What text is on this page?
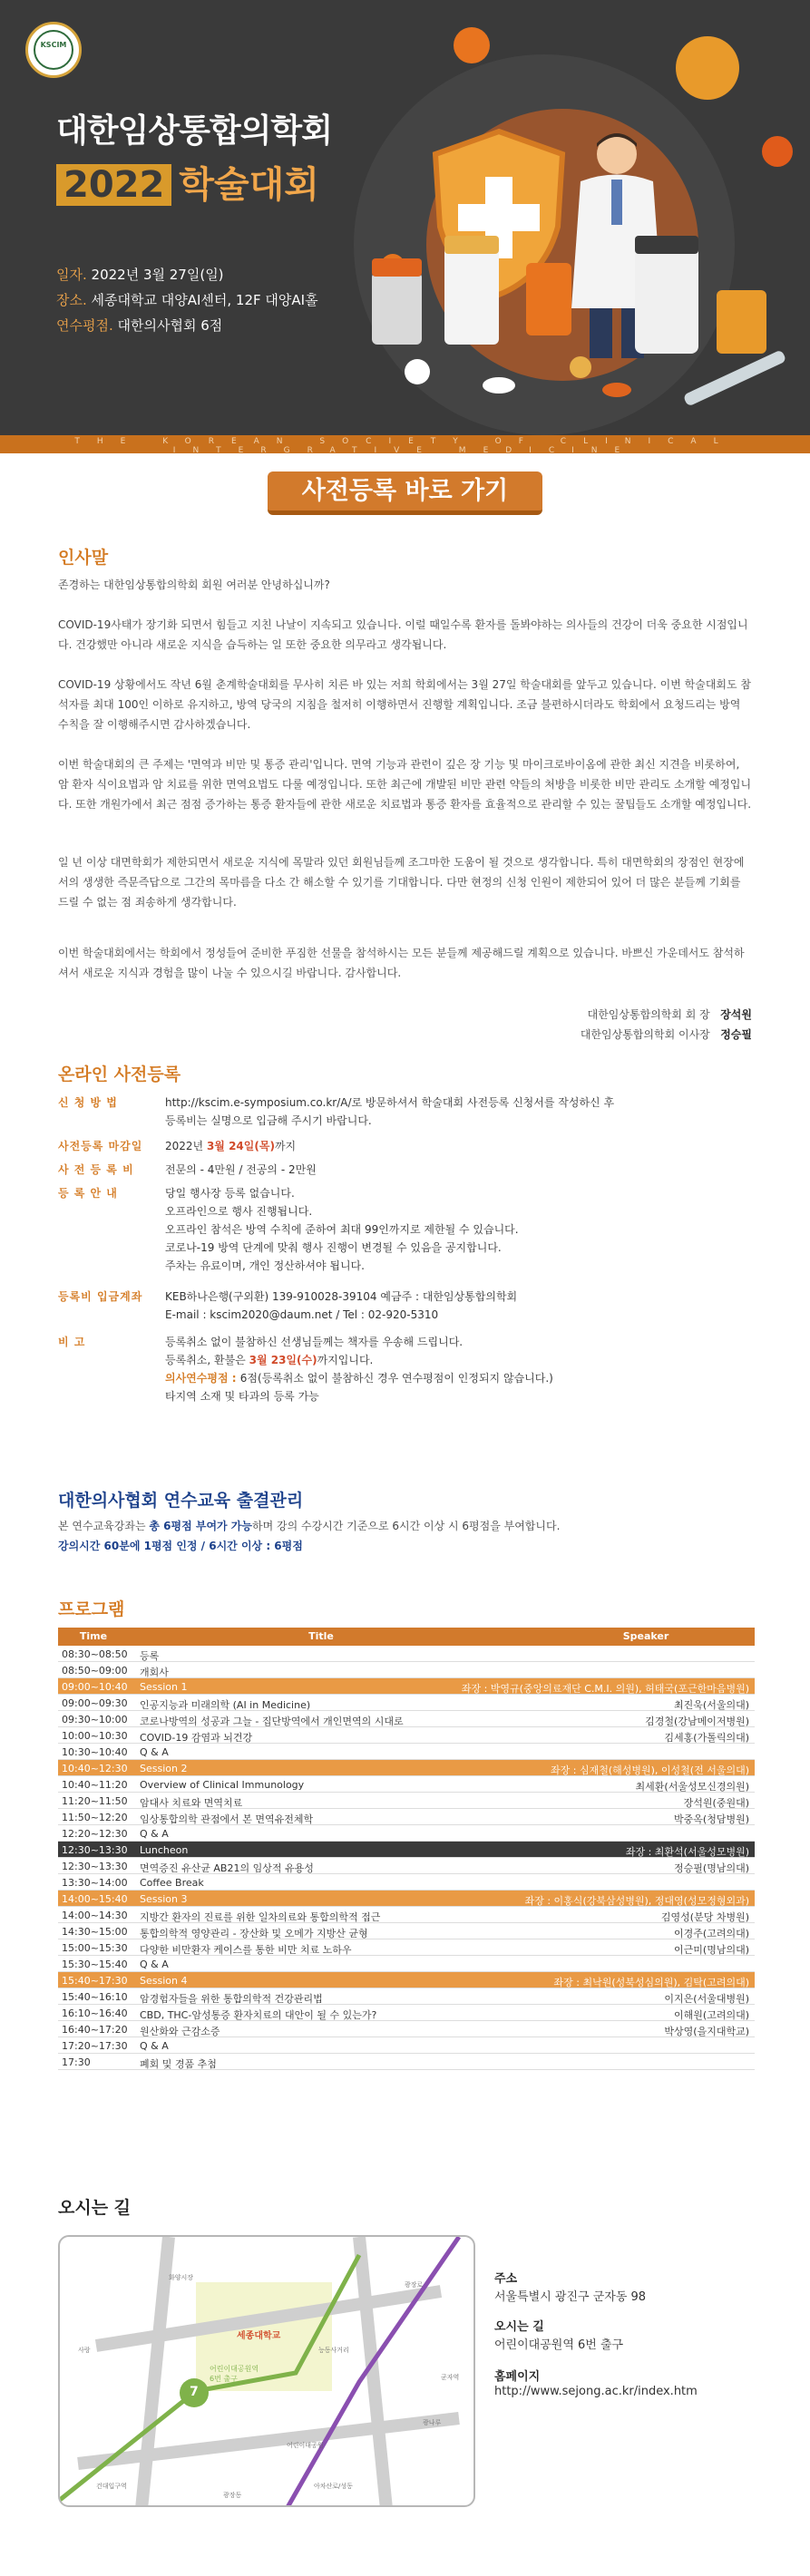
KSCIM
대한임상통합의학회
2022 학술대회
일자. 2022년 3월 27일(일)
장소. 세종대학교 대양AI센터, 12F 대양AI홀
연수평점. 대한의사협회 6점
THE KOREAN SOCIETY OF CLINICAL INTERGRATIVE MEDICINE
사전등록 바로 가기
인사말
존경하는 대한임상통합의학회 회원 여러분 안녕하십니까?
COVID-19사태가 장기화 되면서 힘들고 지친 나날이 지속되고 있습니다. 이럴 때일수록 환자를 돌봐야하는 의사들의 건강이 더욱 중요한 시점입니다. 건강했만 아니라 새로운 지식을 습득하는 일 또한 중요한 의무라고 생각됩니다.
COVID-19 상황에서도 작년 6월 춘계학술대회를 무사히 치른 바 있는 저희 학회에서는 3월 27일 학술대회를 앞두고 있습니다. 이번 학술대회도 참석자를 최대 100인 이하로 유지하고, 방역 당국의 지침을 철저히 이행하면서 진행할 계획입니다. 조금 불편하시더라도 학회에서 요청드리는 방역 수칙을 잘 이행해주시면 감사하겠습니다.
이번 학술대회의 큰 주제는 '면역과 비만 및 통증 관리'입니다. 면역 기능과 관련이 깊은 장 기능 및 마이크로바이옴에 관한 최신 지견을 비롯하여, 암 환자 식이요법과 암 치료를 위한 면역요법도 다룰 예정입니다. 또한 최근에 개발된 비만 관련 약들의 처방을 비롯한 비만 관리도 소개할 예정입니다. 또한 개원가에서 최근 점점 증가하는 통증 환자들에 관한 새로운 치료법과 통증 환자를 효율적으로 관리할 수 있는 꿀팁들도 소개할 예정입니다.
일 년 이상 대면학회가 제한되면서 새로운 지식에 목말라 있던 회원님들께 조그마한 도움이 될 것으로 생각합니다. 특히 대면학회의 장점인 현장에서의 생생한 즉문즉답으로 그간의 목마름을 다소 간 해소할 수 있기를 기대합니다. 다만 현정의 신청 인원이 제한되어 있어 더 많은 분들께 기회를 드릴 수 없는 점 죄송하게 생각합니다.
이번 학술대회에서는 학회에서 정성들여 준비한 푸짐한 선물을 참석하시는 모든 분들께 제공해드릴 계획으로 있습니다. 바쁘신 가운데서도 참석하셔서 새로운 지식과 경험을 많이 나눌 수 있으시길 바랍니다. 감사합니다.
대한임상통합의학회 회 장 장석원
대한임상통합의학회 이사장 정승필
온라인 사전등록
신 청 방 법	http://kscim.e-symposium.co.kr/A/로 방문하셔서 학술대회 사전등록 신청서를 작성하신 후
등록비는 실명으로 입금해 주시기 바랍니다.
사전등록 마감일	2022년 3월 24일(목)까지
사 전 등 록 비	전문의 - 4만원 / 전공의 - 2만원
등 록 안 내	당일 행사장 등록 없습니다.
오프라인으로 행사 진행됩니다.
오프라인 참석은 방역 수칙에 준하여 최대 99인까지로 제한될 수 있습니다.
코로나-19 방역 단계에 맞춰 행사 진행이 변경될 수 있음을 공지합니다.
주차는 유료이며, 개인 정산하셔야 됩니다.
등록비 입금계좌	KEB하나은행(구외환) 139-910028-39104 예금주 : 대한임상통합의학회
E-mail : kscim2020@daum.net / Tel : 02-920-5310
비 고	등록취소 없이 불참하신 선생님들께는 책자를 우송해 드립니다.
등록취소, 환불은 3월 23일(수)까지입니다.
의사연수평점 : 6점(등록취소 없이 불참하신 경우 연수평점이 인정되지 않습니다.)
타지역 소재 및 타과의 등록 가능
대한의사협회 연수교육 출결관리
본 연수교육강좌는 총 6평점 부여가 가능하며 강의 수강시간 기준으로 6시간 이상 시 6평점을 부여합니다.
강의시간 60분에 1평점 인정 / 6시간 이상 : 6평점
프로그램
Time	Title	Speaker
08:30~08:50	등록
08:50~09:00	개회사
09:00~10:40	Session 1	좌장 : 박영규(중앙의료재단 C.M.I. 의원), 허태국(포근한마음병원)
09:00~09:30	인공지능과 미래의학 (AI in Medicine)	최진욱(서울의대)
09:30~10:00	코로나방역의 성공과 그늘 - 집단방역에서 개인면역의 시대로	김경철(강남메이저병원)
10:00~10:30	COVID-19 감염과 뇌건강	김세홍(가톨릭의대)
10:30~10:40	Q & A
10:40~12:30	Session 2	좌장 : 심재철(해성병원), 이성철(전 서울의대)
10:40~11:20	Overview of Clinical Immunology	최세환(서울성모신경의원)
11:20~11:50	암대사 치료와 면역치료	장석원(중원대)
11:50~12:20	임상통합의학 관점에서 본 면역유전체학	박중옥(청담병원)
12:20~12:30	Q & A
12:30~13:30	Luncheon	좌장 : 최환석(서울성모병원)
12:30~13:30	면역증진 유산균 AB21의 임상적 유용성	정승필(명남의대)
13:30~14:00	Coffee Break
14:00~15:40	Session 3	좌장 : 이홍식(강북삼성병원), 정대영(성모정형외과)
14:00~14:30	지방간 환자의 진료를 위한 일차의료와 통합의학적 접근	김영성(분당 차병원)
14:30~15:00	통합의학적 영양관리 - 장산화 및 오메가 지방산 균형	이경주(고려의대)
15:00~15:30	다양한 비만환자 케이스를 통한 비만 치료 노하우	이근미(명남의대)
15:30~15:40	Q & A
15:40~17:30	Session 4	좌장 : 최낙원(성북성심의원), 김탁(고려의대)
15:40~16:10	암경험자들을 위한 통합의학적 건강관리법	이지은(서울대병원)
16:10~16:40	CBD, THC-암성통증 환자치료의 대안이 될 수 있는가?	이해원(고려의대)
16:40~17:20	원산화와 근감소증	박상영(을지대학교)
17:20~17:30	Q & A
17:30	폐회 및 경품 추첨
오시는 길
세종대학교
어린이대공원역
6번 출구
7
사랑
화양시장
광장로
광나루
능동사거리
어린이대공원
건대입구역	아차산로/성동
광장동
군자역
주소
서울특별시 광진구 군자동 98
오시는 길
어린이대공원역 6번 출구
홈페이지
http://www.sejong.ac.kr/index.htm
